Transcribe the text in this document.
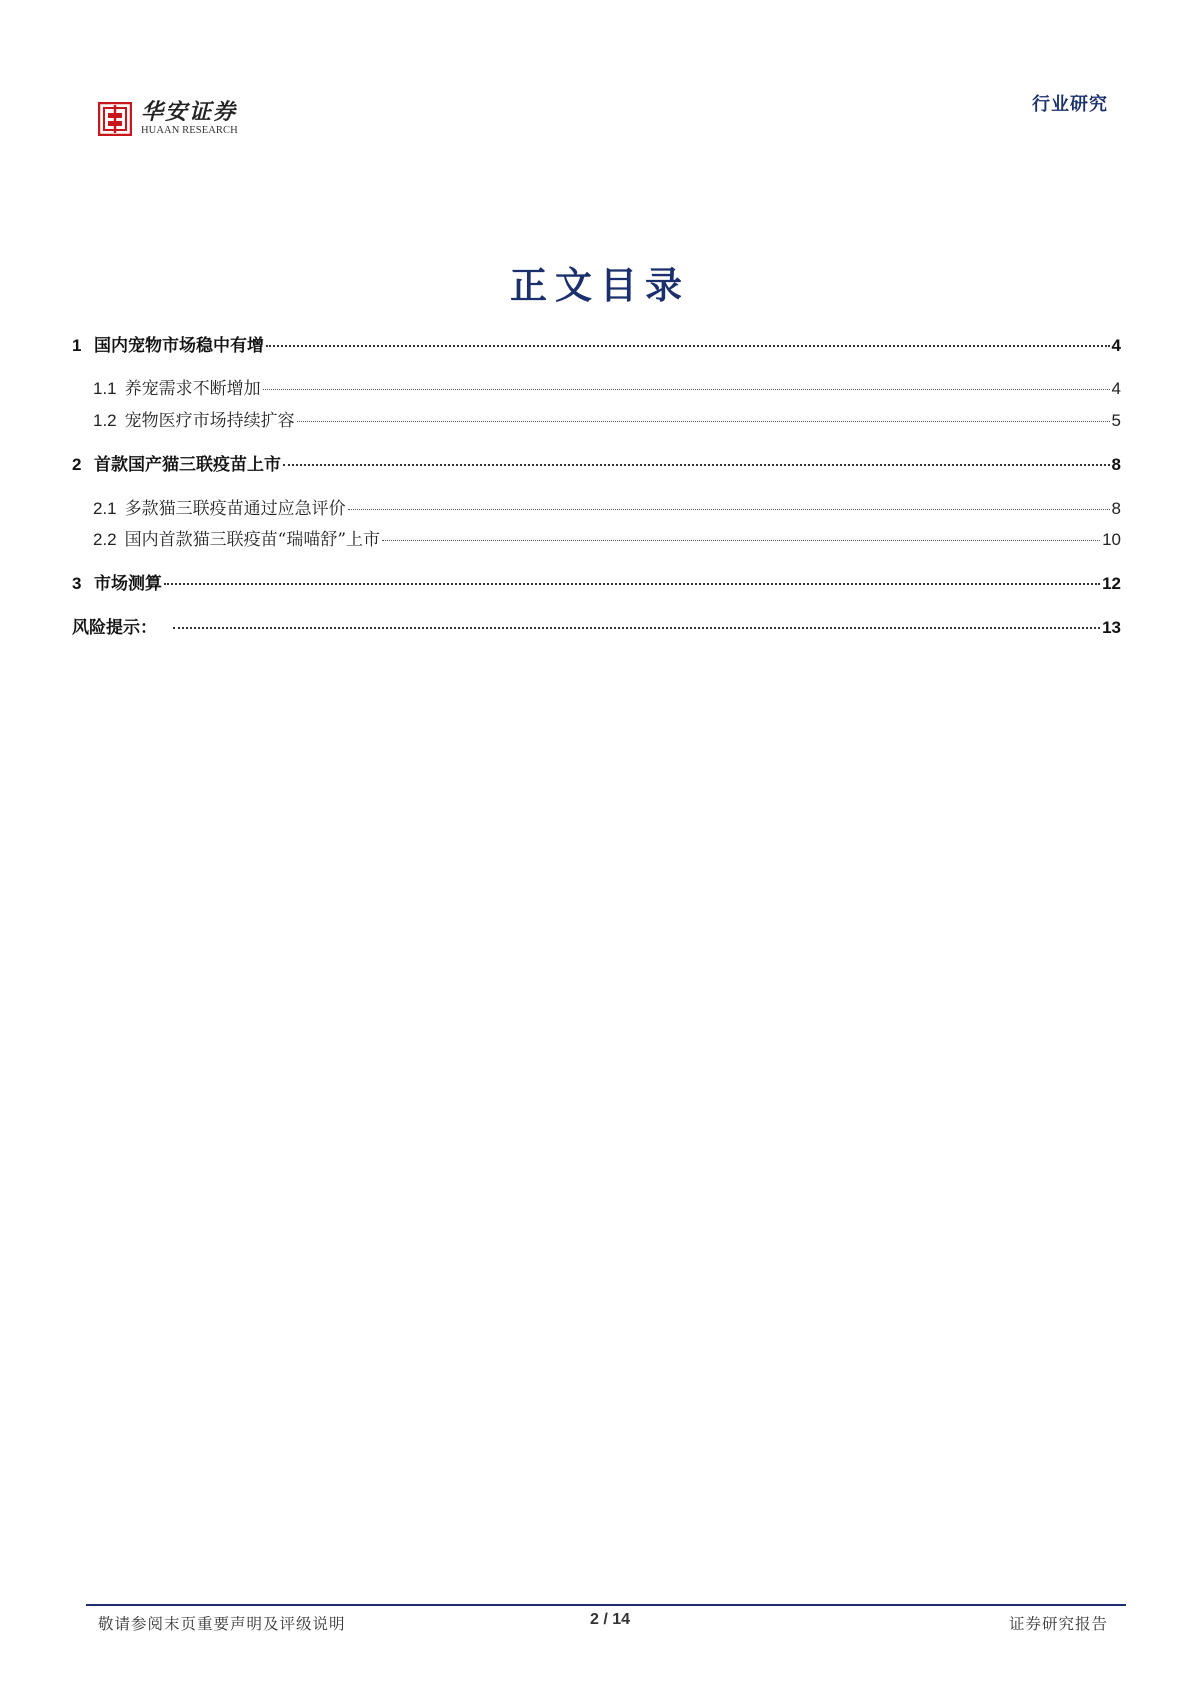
华安证券
HUAAN RESEARCH
行业研究
正文目录
1 国内宠物市场稳中有增	4
1.1 养宠需求不断增加	4
1.2 宠物医疗市场持续扩容	5
2 首款国产猫三联疫苗上市	8
2.1 多款猫三联疫苗通过应急评价	8
2.2 国内首款猫三联疫苗“瑞喵舒”上市	10
3 市场测算	12
风险提示：	13
敬请参阅末页重要声明及评级说明	2 / 14	证券研究报告
